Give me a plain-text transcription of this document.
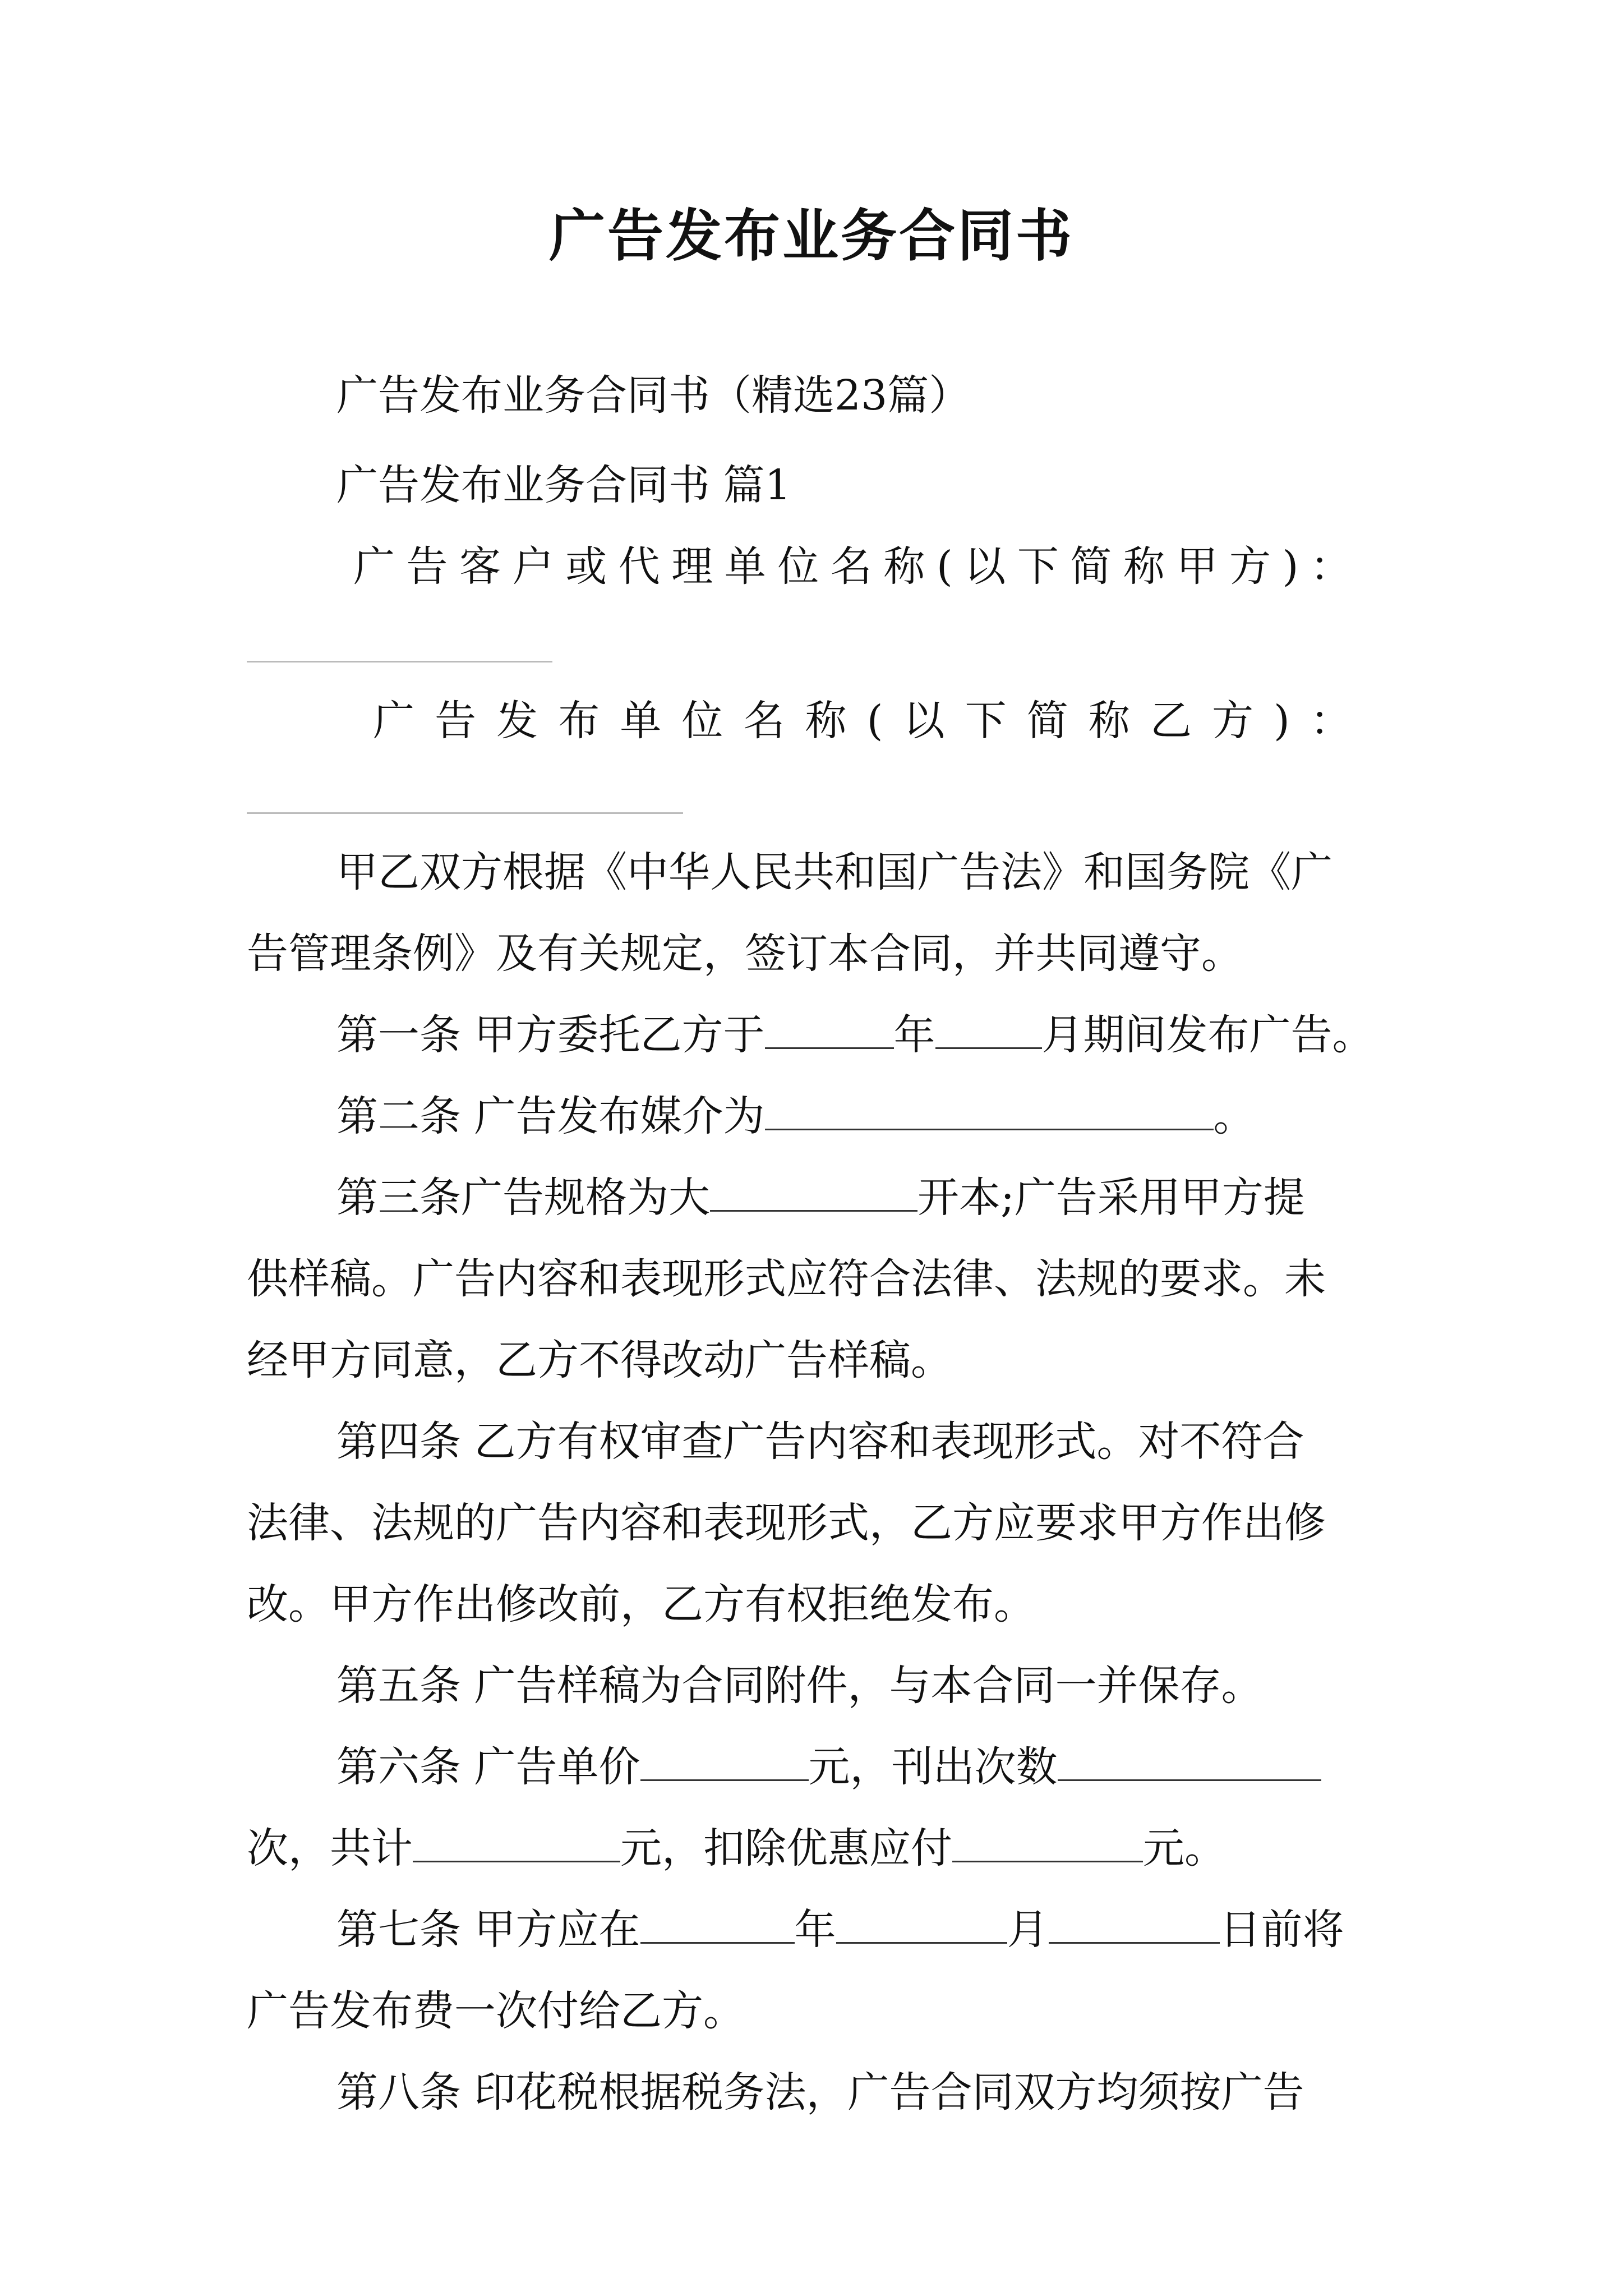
广告发布业务合同书
广告发布业务合同书（精选23篇）
广告发布业务合同书 篇1
广告客户或代理单位名称(以下简称甲方)：
广告发布单位名称(以下简称乙方)：
甲乙双方根据《中华人民共和国广告法》和国务院《广
告管理条例》及有关规定，签订本合同，并共同遵守。
第一条 甲方委托乙方于	年	月期间发布广告。
第二条 广告发布媒介为	。
第三条广告规格为大	开本;广告采用甲方提
供样稿。广告内容和表现形式应符合法律、法规的要求。未
经甲方同意，乙方不得改动广告样稿。
第四条 乙方有权审查广告内容和表现形式。对不符合
法律、法规的广告内容和表现形式，乙方应要求甲方作出修
改。甲方作出修改前，乙方有权拒绝发布。
第五条 广告样稿为合同附件，与本合同一并保存。
第六条 广告单价	元，刊出次数
次，共计	元，扣除优惠应付	元。
第七条 甲方应在	年	月	日前将
广告发布费一次付给乙方。
第八条 印花税根据税务法，广告合同双方均须按广告
